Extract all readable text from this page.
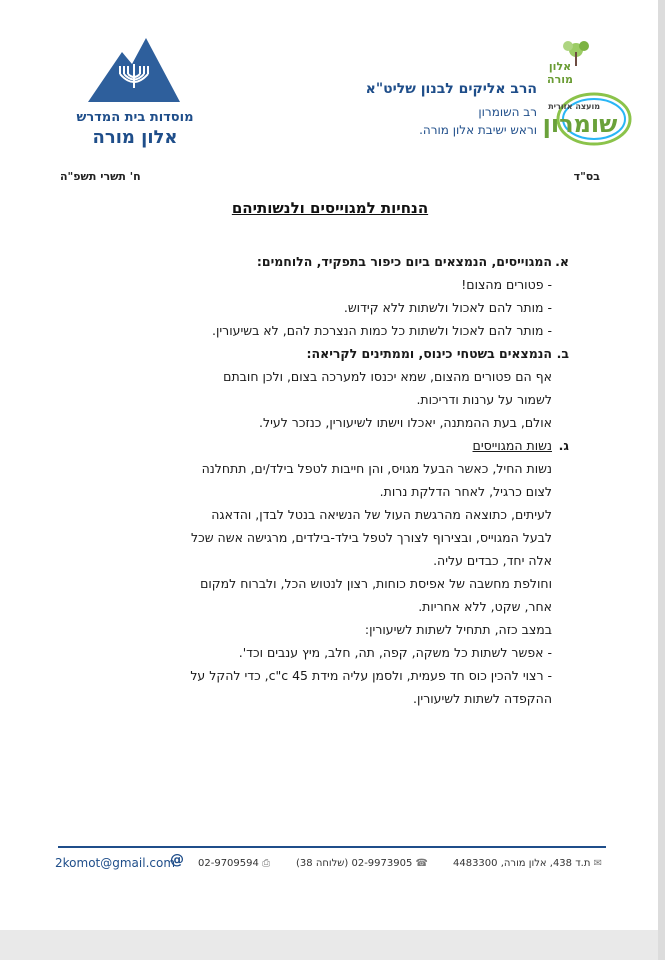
מוסדות בית המדרש
אלון מורה
הרב אליקים לבנון שליט"א
רב השומרון
וראש ישיבת אלון מורה.
אלון מורה
מועצה אזורית
שומרון
בס"ד
ח' תשרי תשפ"ה
הנחיות למגוייסים ולנשותיהם
א.
המגוייסים, הנמצאים ביום כיפור בתפקיד, הלוחמים:

- פטורים מהצום!

- מותר להם לאכול ולשתות ללא קידוש.

- מותר להם לאכול ולשתות כל כמות הנצרכת להם, לא בשיעורין.

ב.
הנמצאים בשטחי כינוס, וממתינים לקריאה:

אף הם פטורים מהצום, שמא יכנסו למערכה בצום, ולכן חובתם לשמור על ערנות ודריכות.

אולם, בעת ההמתנה, יאכלו וישתו לשיעורין, כנזכר לעיל.

ג.
נשות המגוייסים

נשות החיל, כאשר הבעל מגויס, והן חייבות לטפל בילד/ים, תתחלנה לצום כרגיל, לאחר הדלקת נרות.

לעיתים, כתוצאה מהרגשת העול של הנשיאה בנטל לבדן, והדאגה לבעל המגוייס, ובצירוף לצורך לטפל בילד-בילדים, מרגישה אשה שכל אלה יחד, כבדים עליה.

וחולפת מחשבה של אפיסת כוחות, רצון לנטוש הכל, ולברוח למקום אחר, שקט, ללא אחריות.

במצב כזה, תתחיל לשתות לשיעורין:

- אפשר לשתות כל משקה, קפה, תה, חלב, מיץ ענבים וכד'.

- רצוי להכין כוס חד פעמית, ולסמן עליה מידת 45 c"c, כדי להקל על ההקפדה לשתות לשיעורין.

2komot@gmail.com
@	02-9709594 ⎙	☎ 02-9973905 (שלוחה 38)	✉ ת.ד 438, אלון מורה, 4483300
